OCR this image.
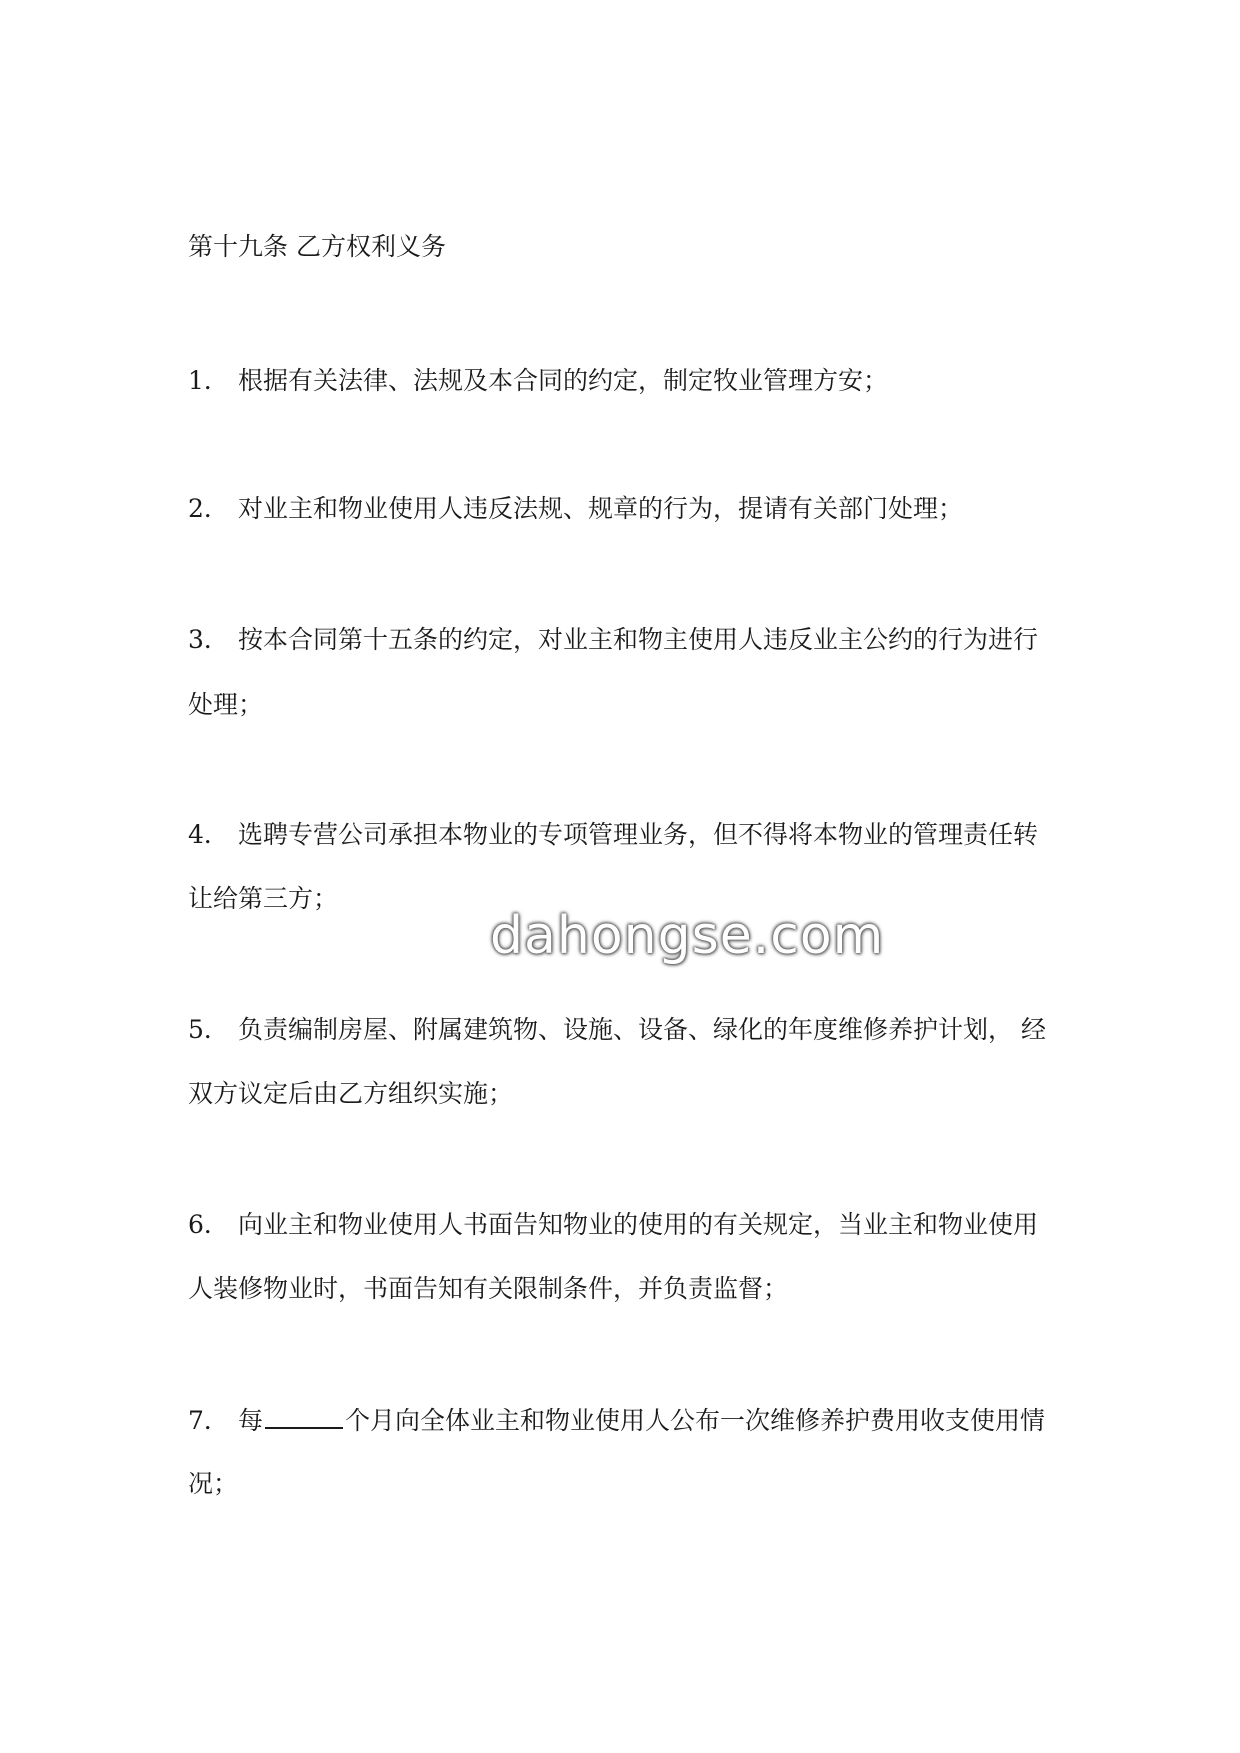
第十九条 乙方权利义务
1． 根据有关法律、法规及本合同的约定，制定牧业管理方安；
2． 对业主和物业使用人违反法规、规章的行为，提请有关部门处理；
3． 按本合同第十五条的约定，对业主和物主使用人违反业主公约的行为进行
处理；
4． 选聘专营公司承担本物业的专项管理业务，但不得将本物业的管理责任转
让给第三方；
5． 负责编制房屋、附属建筑物、设施、设备、绿化的年度维修养护计划， 经
双方议定后由乙方组织实施；
6． 向业主和物业使用人书面告知物业的使用的有关规定，当业主和物业使用
人装修物业时，书面告知有关限制条件，并负责监督；
7． 每	个月向全体业主和物业使用人公布一次维修养护费用收支使用情
况；
dahongse.com
